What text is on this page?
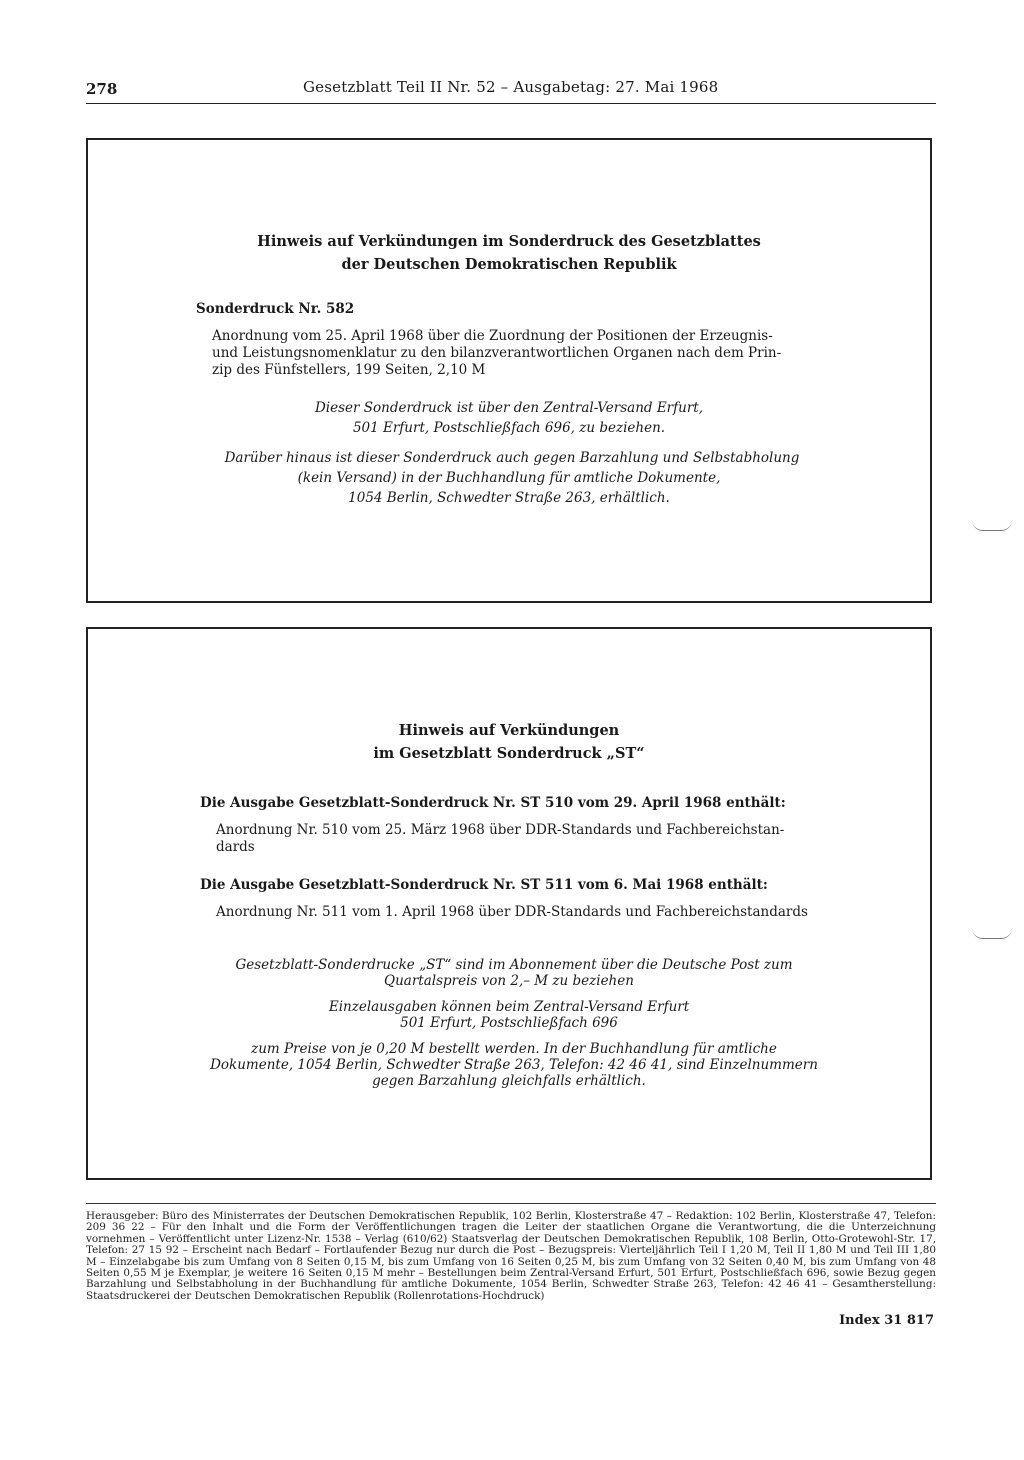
278	Gesetzblatt Teil II Nr. 52 – Ausgabetag: 27. Mai 1968
Hinweis auf Verkündungen im Sonderdruck des Gesetzblattes
der Deutschen Demokratischen Republik
Sonderdruck Nr. 582
Anordnung vom 25. April 1968 über die Zuordnung der Positionen der Erzeugnis-
und Leistungsnomenklatur zu den bilanzverantwortlichen Organen nach dem Prin-
zip des Fünfstellers, 199 Seiten, 2,10 M
Dieser Sonderdruck ist über den Zentral-Versand Erfurt,
501 Erfurt, Postschließfach 696, zu beziehen.
Darüber hinaus ist dieser Sonderdruck auch gegen Barzahlung und Selbstabholung
(kein Versand) in der Buchhandlung für amtliche Dokumente,
1054 Berlin, Schwedter Straße 263, erhältlich.
Hinweis auf Verkündungen
im Gesetzblatt Sonderdruck „ST“
Die Ausgabe Gesetzblatt-Sonderdruck Nr. ST 510 vom 29. April 1968 enthält:
Anordnung Nr. 510 vom 25. März 1968 über DDR-Standards und Fachbereichstan-
dards
Die Ausgabe Gesetzblatt-Sonderdruck Nr. ST 511 vom 6. Mai 1968 enthält:
Anordnung Nr. 511 vom 1. April 1968 über DDR-Standards und Fachbereichstandards
Gesetzblatt-Sonderdrucke „ST“ sind im Abonnement über die Deutsche Post zum
Quartalspreis von 2,– M zu beziehen
Einzelausgaben können beim Zentral-Versand Erfurt
501 Erfurt, Postschließfach 696
zum Preise von je 0,20 M bestellt werden. In der Buchhandlung für amtliche
Dokumente, 1054 Berlin, Schwedter Straße 263, Telefon: 42 46 41, sind Einzelnummern
gegen Barzahlung gleichfalls erhältlich.
Herausgeber: Büro des Ministerrates der Deutschen Demokratischen Republik, 102 Berlin, Klosterstraße 47 – Redaktion: 102 Berlin, Klosterstraße 47, Telefon: 209 36 22 – Für den Inhalt und die Form der Veröffentlichungen tragen die Leiter der staatlichen Organe die Verantwortung, die die Unterzeichnung vornehmen – Veröffentlicht unter Lizenz-Nr. 1538 – Verlag (610/62) Staatsverlag der Deutschen Demokratischen Republik, 108 Berlin, Otto-Grotewohl-Str. 17, Telefon: 27 15 92 – Erscheint nach Bedarf – Fortlaufender Bezug nur durch die Post – Bezugspreis: Vierteljährlich Teil I 1,20 M, Teil II 1,80 M und Teil III 1,80 M – Einzelabgabe bis zum Umfang von 8 Seiten 0,15 M, bis zum Umfang von 16 Seiten 0,25 M, bis zum Umfang von 32 Seiten 0,40 M, bis zum Umfang von 48 Seiten 0,55 M je Exemplar, je weitere 16 Seiten 0,15 M mehr – Bestellungen beim Zentral-Versand Erfurt, 501 Erfurt, Postschließfach 696, sowie Bezug gegen Barzahlung und Selbstabholung in der Buchhandlung für amtliche Dokumente, 1054 Berlin, Schwedter Straße 263, Telefon: 42 46 41 – Gesamtherstellung: Staatsdruckerei der Deutschen Demokratischen Republik (Rollenrotations-Hochdruck)
Index 31 817
